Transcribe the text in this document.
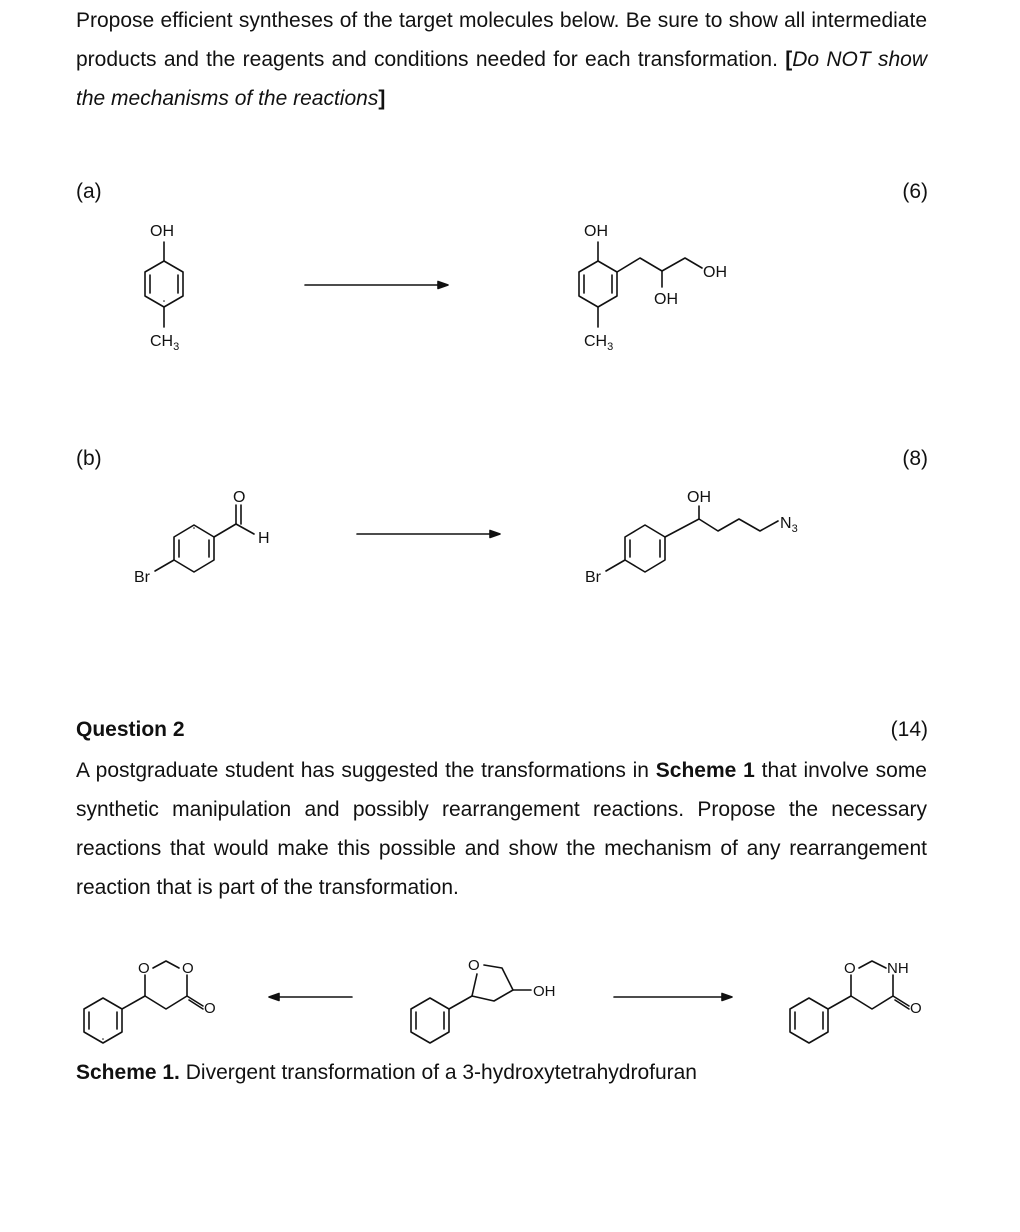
Propose efficient syntheses of the target molecules below. Be sure to show all intermediate products and the reagents and conditions needed for each transformation. [Do NOT show the mechanisms of the reactions]

(a)	(6)
OH
$CH_3$
OH
OH
OH
$CH_3$
(b)	(8)
O
H
Br
OH
$N_3$
Br
Question 2	(14)

A postgraduate student has suggested the transformations in Scheme 1 that involve some synthetic manipulation and possibly rearrangement reactions. Propose the necessary reactions that would make this possible and show the mechanism of any rearrangement reaction that is part of the transformation.

O O
O
O
OH
O NH
O
Scheme 1. Divergent transformation of a 3-hydroxytetrahydrofuran
